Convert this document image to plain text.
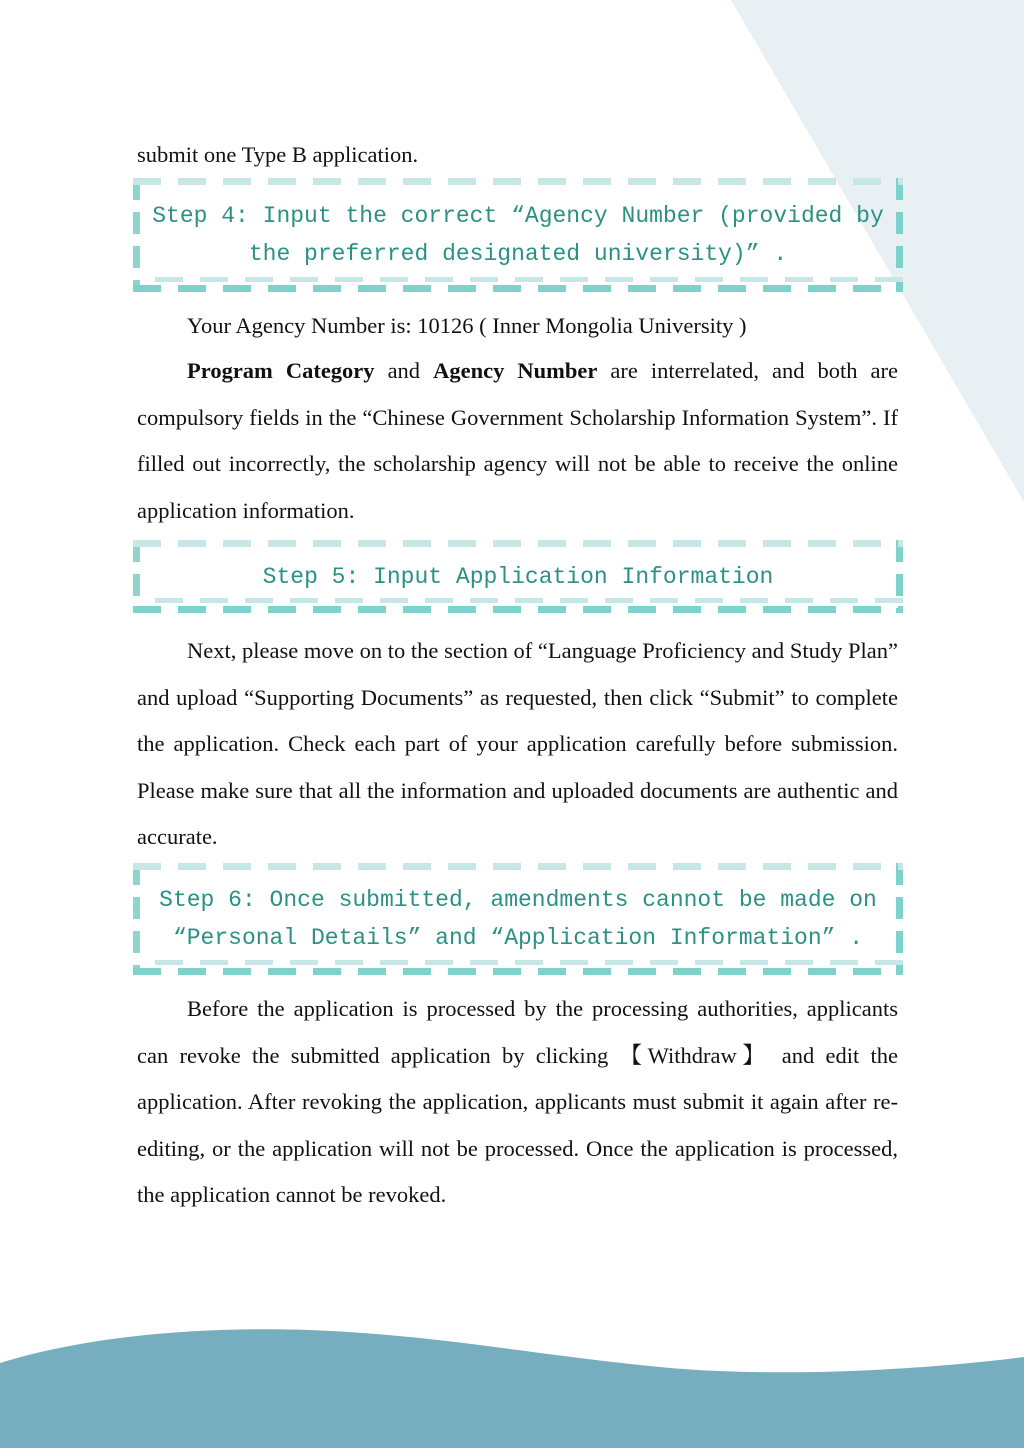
submit one Type B application.
Step 4: Input the correct “Agency Number (provided by
the preferred designated university)” .
Your Agency Number is: 10126 ( Inner Mongolia University )
Program Category and Agency Number are interrelated, and both are compulsory fields in the “Chinese Government Scholarship Information System”. If filled out incorrectly, the scholarship agency will not be able to receive the online application information.
Step 5: Input Application Information
Next, please move on to the section of “Language Proficiency and Study Plan” and upload “Supporting Documents” as requested, then click “Submit” to complete the application. Check each part of your application carefully before submission. Please make sure that all the information and uploaded documents are authentic and accurate.
Step 6: Once submitted, amendments cannot be made on
“Personal Details” and “Application Information” .
Before the application is processed by the processing authorities, applicants can revoke the submitted application by clicking 【Withdraw】 and edit the application. After revoking the application, applicants must submit it again after re-editing, or the application will not be processed. Once the application is processed, the application cannot be revoked.
